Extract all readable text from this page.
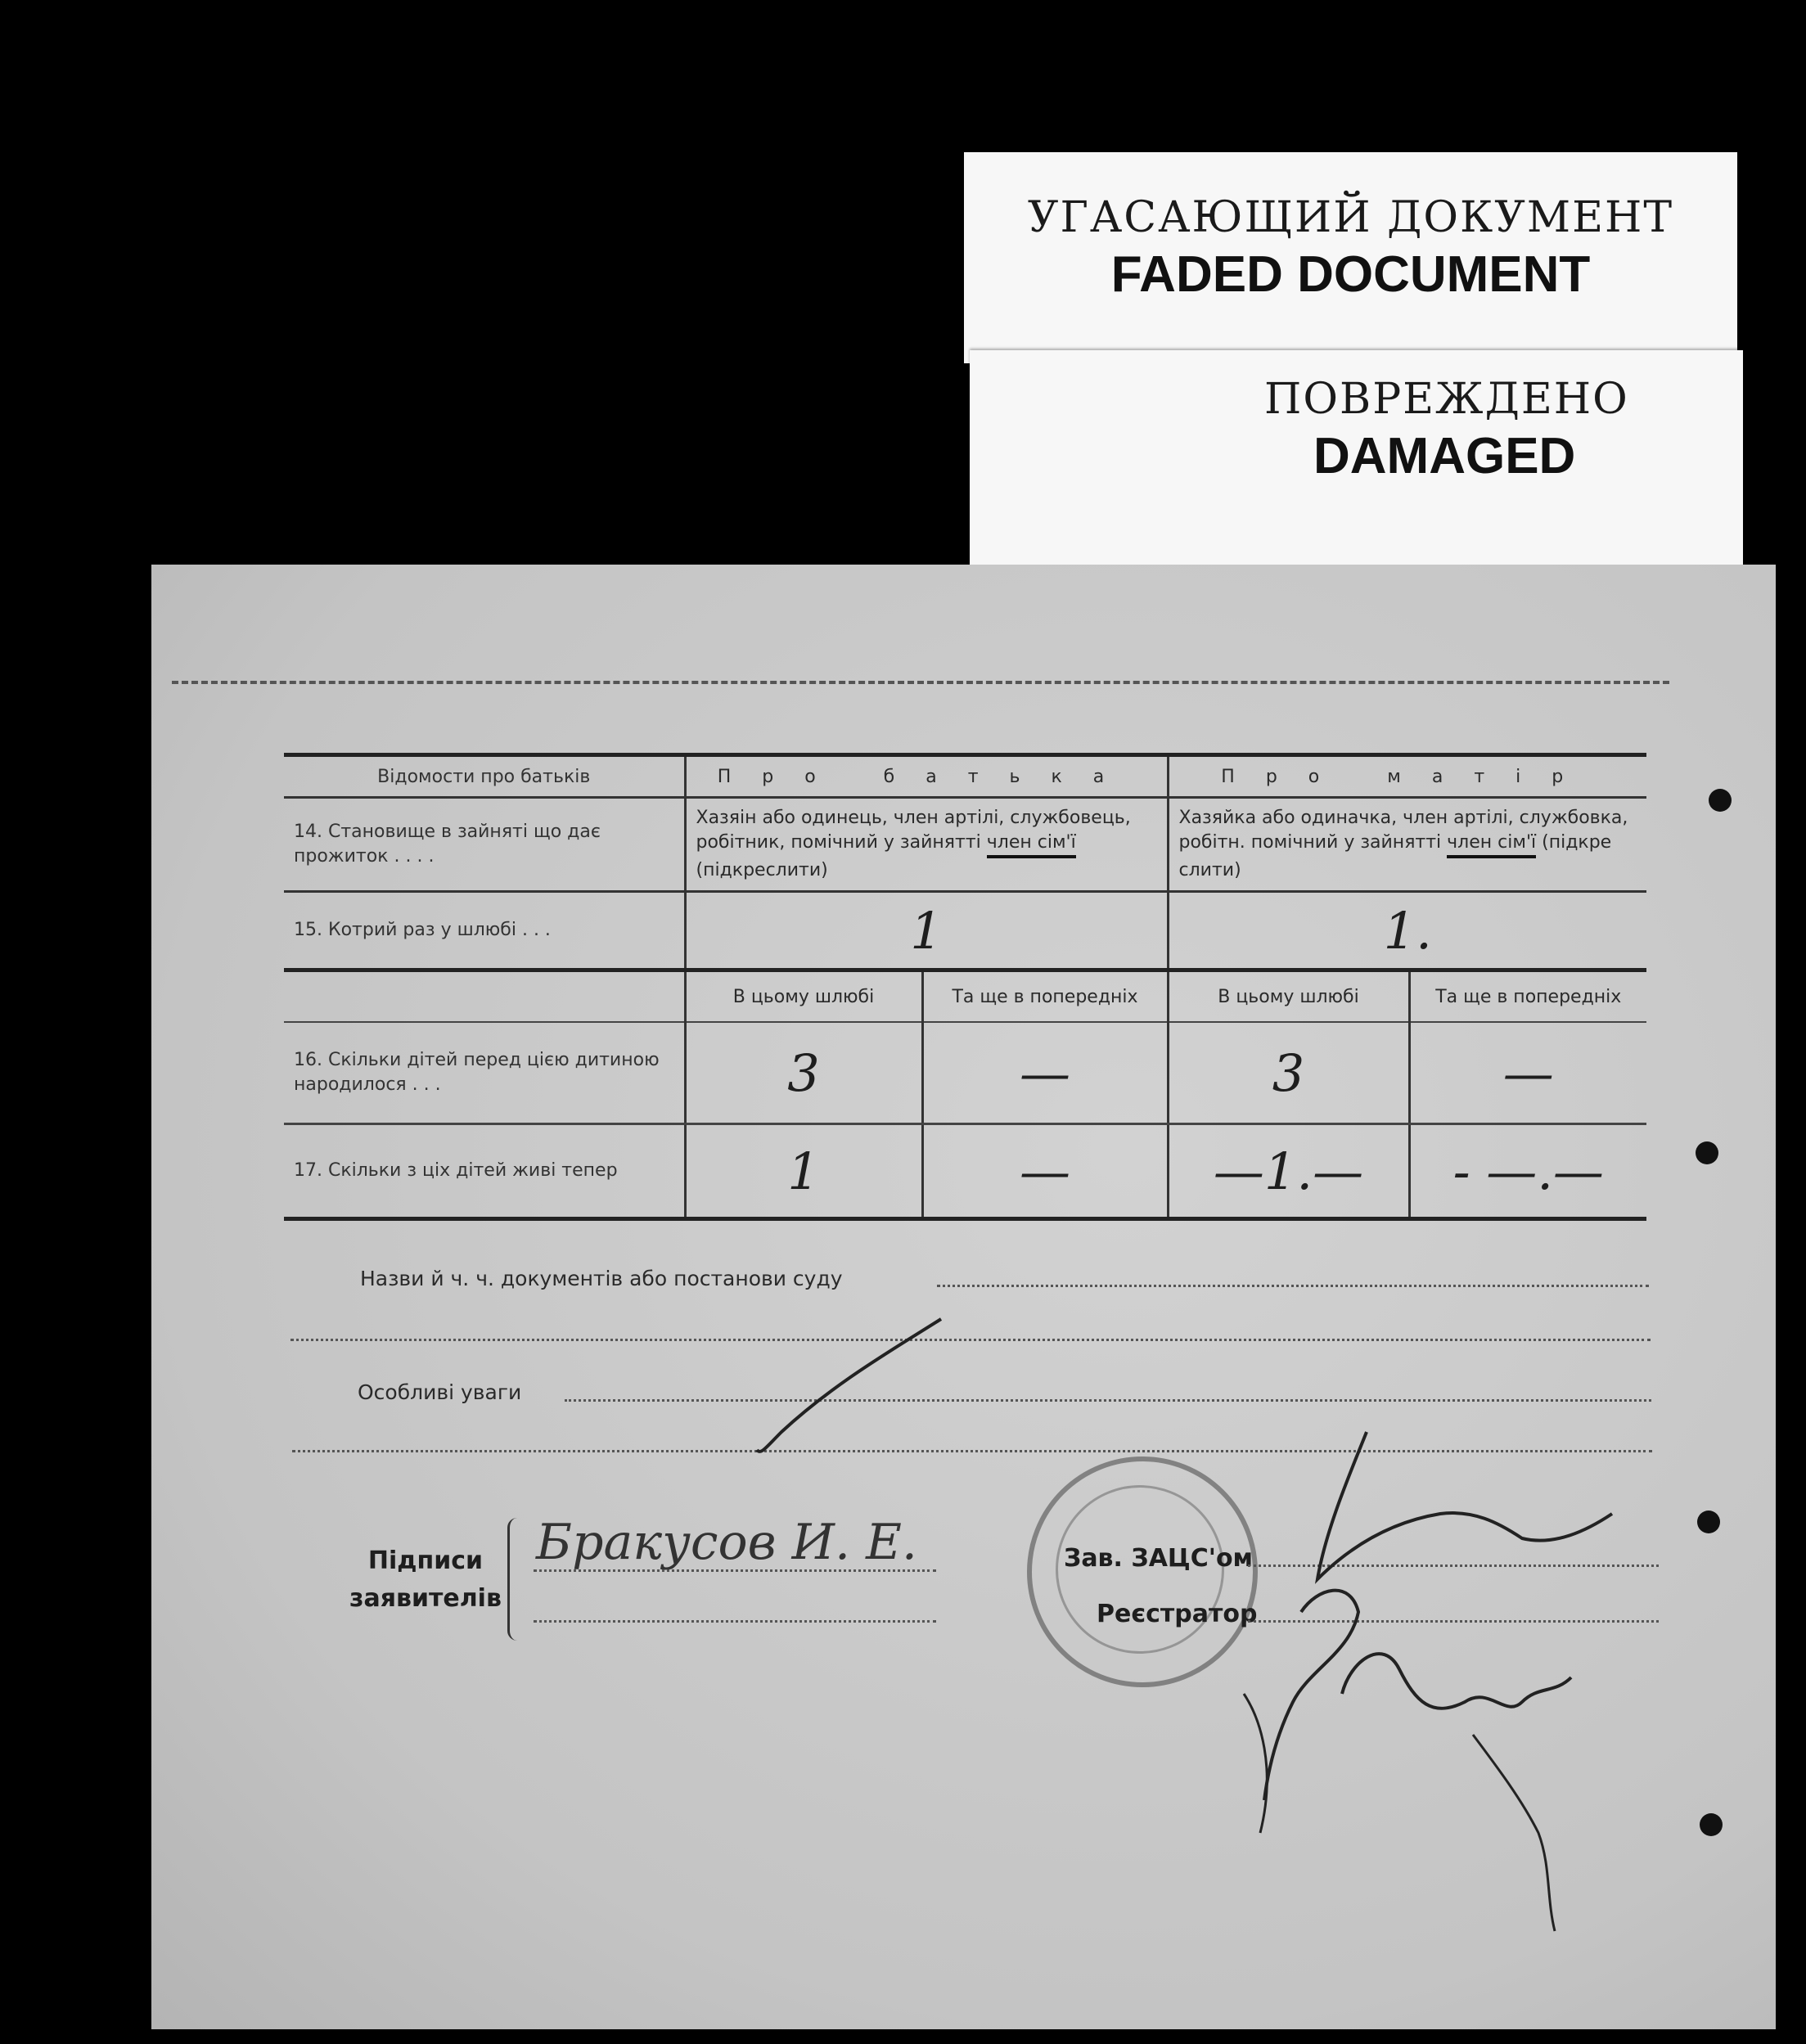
УГАСАЮЩИЙ ДОКУМЕНТ
FADED DOCUMENT
ПОВРЕЖДЕНО
DAMAGED
Відомости про батьків	Про батька		Про матір	
14. Становище в зайняті що дає прожиток . . . .	Хазяін або одинець, член артілі, службовець, робітник, помічний у зайнятті член сім'ї (підкреслити)		Хазяйка або одиначка, член артілі, службовка, робітн. помічний у зайнятті член сім'ї (підкре слити)	
15. Котрий раз у шлюбі . . .	1		1.	
	В цьому шлюбі	Та ще в попередніх	В цьому шлюбі	Та ще в попередніх
16. Скільки дітей перед цією дитиною народилося . . .	3	—	3	—
17. Скільки з ціх дітей живі тепер	1	—	—1.—	- —.—
Назви й ч. ч. документів або постанови суду
Особливі уваги
Підписи
заявителів
Бракусов И. Е.	Зав. ЗАЦС'ом
Реєстратор
